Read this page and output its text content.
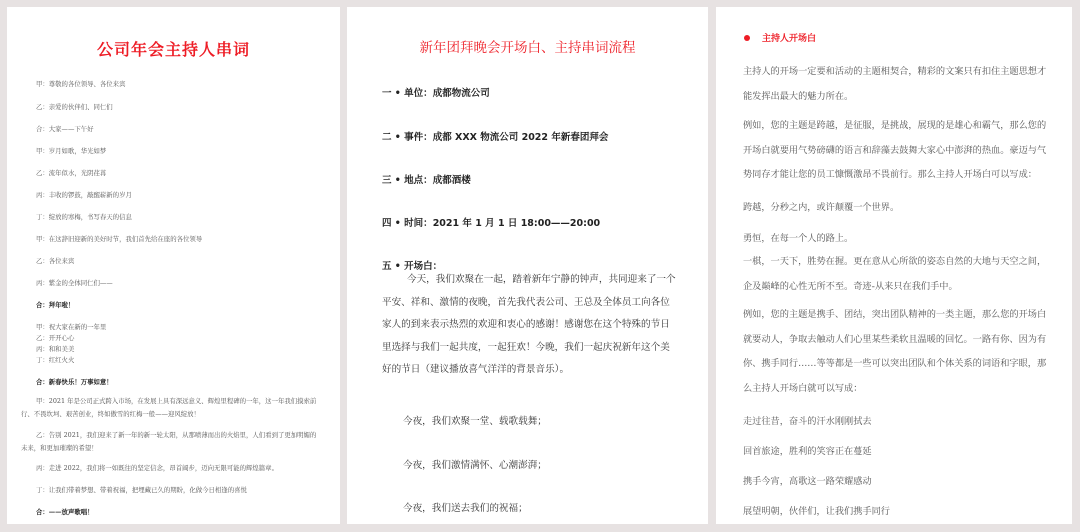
公司年会主持人串词
甲：尊敬的各位领导、各位来宾
乙：亲爱的伙伴们、同仁们
合：大家——下午好
甲：岁月如歌，华光如梦
乙：流年似水，光阴荏苒
丙：丰收的锣鼓，敲醒崭新的岁月
丁：绽放的寒梅，书写春天的信息
甲：在这辞旧迎新的美好时节，我们首先给在座的各位领导
乙：各位来宾
丙：紫金的全体同仁们——
合：拜年啦！
甲：祝大家在新的一年里
乙：开开心心
丙：和和美美
丁：红红火火
合：新春快乐！万事如意！
丙：走进 2022，我们将一如既往的坚定信念，昂首阔步，迈向无限可能的辉煌篇章。
丁：让我们带着梦想、带着祝福，把埋藏已久的期盼，化做今日相逢的喜悦
合：——放声歌唱！
甲：2021 年是公司正式跨入市场，在发展上具有深远意义、辉煌里程碑的一年，这一年我们摸索前行、不畏坎坷、艰苦创业，终如傲雪的红梅一般——迎风绽放！
乙：告别 2021，我们迎来了新一年的新一轮太阳，从那喷薄而出的火焰里，人们看到了更加明媚的未来，和更加璀璨的希望！
新年团拜晚会开场白、主持串词流程
一 • 单位：成都物流公司
二 • 事件：成都 XXX 物流公司 2022 年新春团拜会
三 • 地点：成都酒楼
四 • 时间：2021 年 1 月 1 日 18:00——20:00
五 • 开场白：
今天，我们欢聚在一起，踏着新年宁静的钟声，共同迎来了一个平安、祥和、激情的夜晚，首先我代表公司、王总及全体员工向各位家人的到来表示热烈的欢迎和衷心的感谢！感谢您在这个特殊的节日里选择与我们一起共度，一起狂欢！今晚，我们一起庆祝新年这个美好的节日（建议播放喜气洋洋的背景音乐）。
今夜，我们欢聚一堂、载歌载舞；
今夜，我们激情满怀、心潮澎湃；
今夜，我们送去我们的祝福；
主持人开场白
主持人的开场一定要和活动的主题相契合，精彩的文案只有扣住主题思想才能发挥出最大的魅力所在。
例如，您的主题是跨越，是征服，是挑战，展现的是雄心和霸气，那么您的开场白就要用气势磅礴的语言和辞藻去鼓舞大家心中澎湃的热血。豪迈与气势同存才能让您的员工慷慨激昂不畏前行。那么主持人开场白可以写成：
一棋，一天下，胜势在握。更在意从心所欲的姿态自然的大地与天空之间，企及巅峰的心性无所不至。奇迹-从来只在我们手中。
例如，您的主题是携手、团结，突出团队精神的一类主题，那么您的开场白就要动人，争取去触动人们心里某些柔软且温暖的回忆。一路有你、因为有你、携手同行……等等都是一些可以突出团队和个体关系的词语和字眼，那么主持人开场白就可以写成：
跨越，分秒之内，或许颠覆一个世界。
勇恒，在每一个人的路上。
走过往昔，奋斗的汗水刚刚拭去
回首旅途，胜利的笑容正在蔓延
携手今宵，高歌这一路荣耀感动
展望明朝，伙伴们，让我们携手同行
